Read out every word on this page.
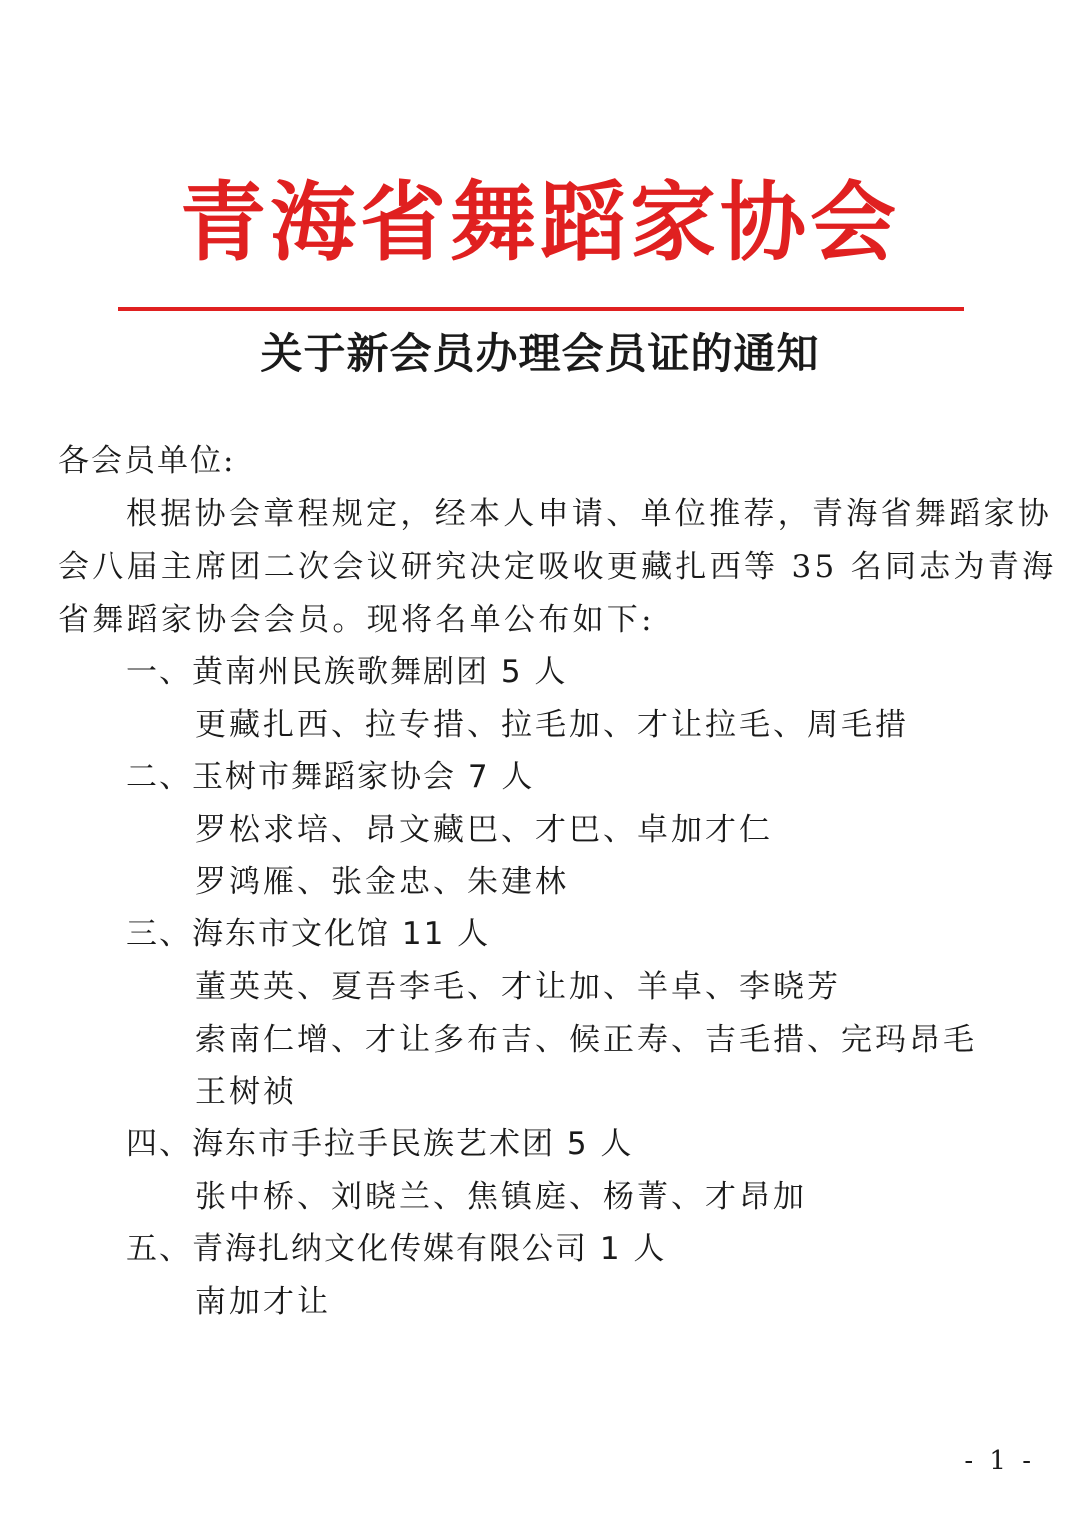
青海省舞蹈家协会
关于新会员办理会员证的通知
各会员单位:
根据协会章程规定，经本人申请、单位推荐，青海省舞蹈家协
会八届主席团二次会议研究决定吸收更藏扎西等 35 名同志为青海
省舞蹈家协会会员。现将名单公布如下:
一、黄南州民族歌舞剧团 5 人
更藏扎西、拉专措、拉毛加、才让拉毛、周毛措
二、玉树市舞蹈家协会 7 人
罗松求培、昂文藏巴、才巴、卓加才仁
罗鸿雁、张金忠、朱建林
三、海东市文化馆 11 人
董英英、夏吾李毛、才让加、羊卓、李晓芳
索南仁增、才让多布吉、候正寿、吉毛措、完玛昂毛
王树祯
四、海东市手拉手民族艺术团 5 人
张中桥、刘晓兰、焦镇庭、杨菁、才昂加
五、青海扎纳文化传媒有限公司 1 人
南加才让
- 1 -
